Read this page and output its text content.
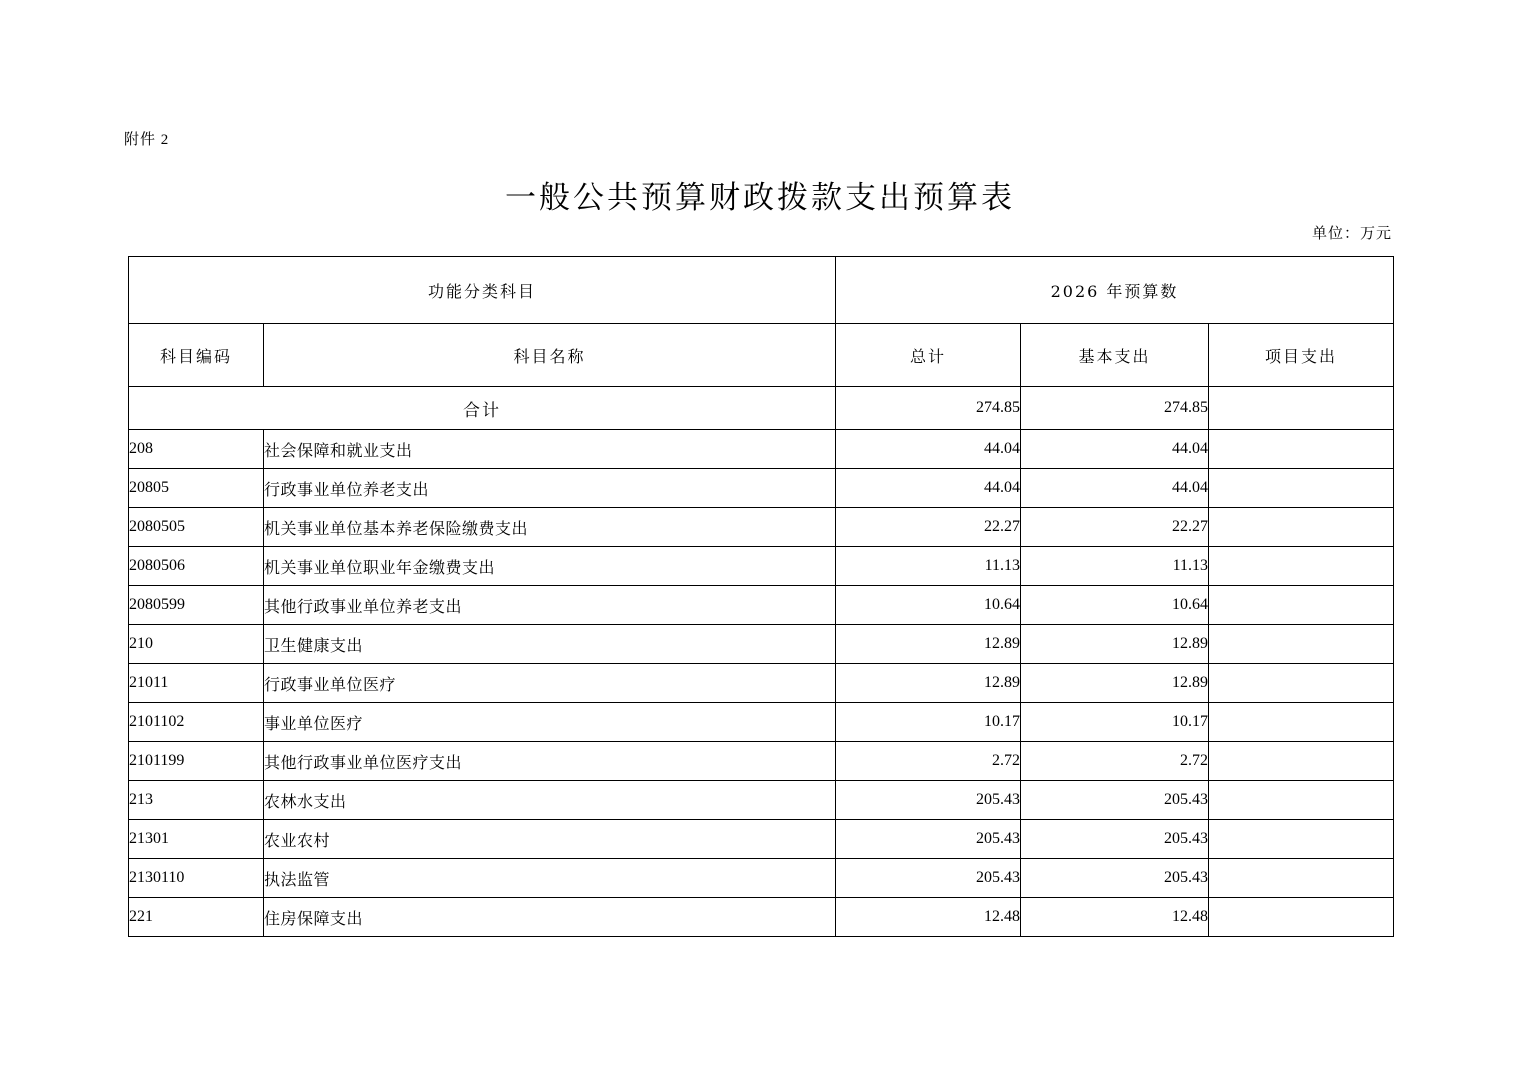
附件 2
一般公共预算财政拨款支出预算表
单位：万元
功能分类科目		2026 年预算数		
科目编码	科目名称	总计	基本支出	项目支出
合计		274.85	274.85	
208	社会保障和就业支出	44.04	44.04	
20805	行政事业单位养老支出	44.04	44.04	
2080505	机关事业单位基本养老保险缴费支出	22.27	22.27	
2080506	机关事业单位职业年金缴费支出	11.13	11.13	
2080599	其他行政事业单位养老支出	10.64	10.64	
210	卫生健康支出	12.89	12.89	
21011	行政事业单位医疗	12.89	12.89	
2101102	事业单位医疗	10.17	10.17	
2101199	其他行政事业单位医疗支出	2.72	2.72	
213	农林水支出	205.43	205.43	
21301	农业农村	205.43	205.43	
2130110	执法监管	205.43	205.43	
221	住房保障支出	12.48	12.48	
